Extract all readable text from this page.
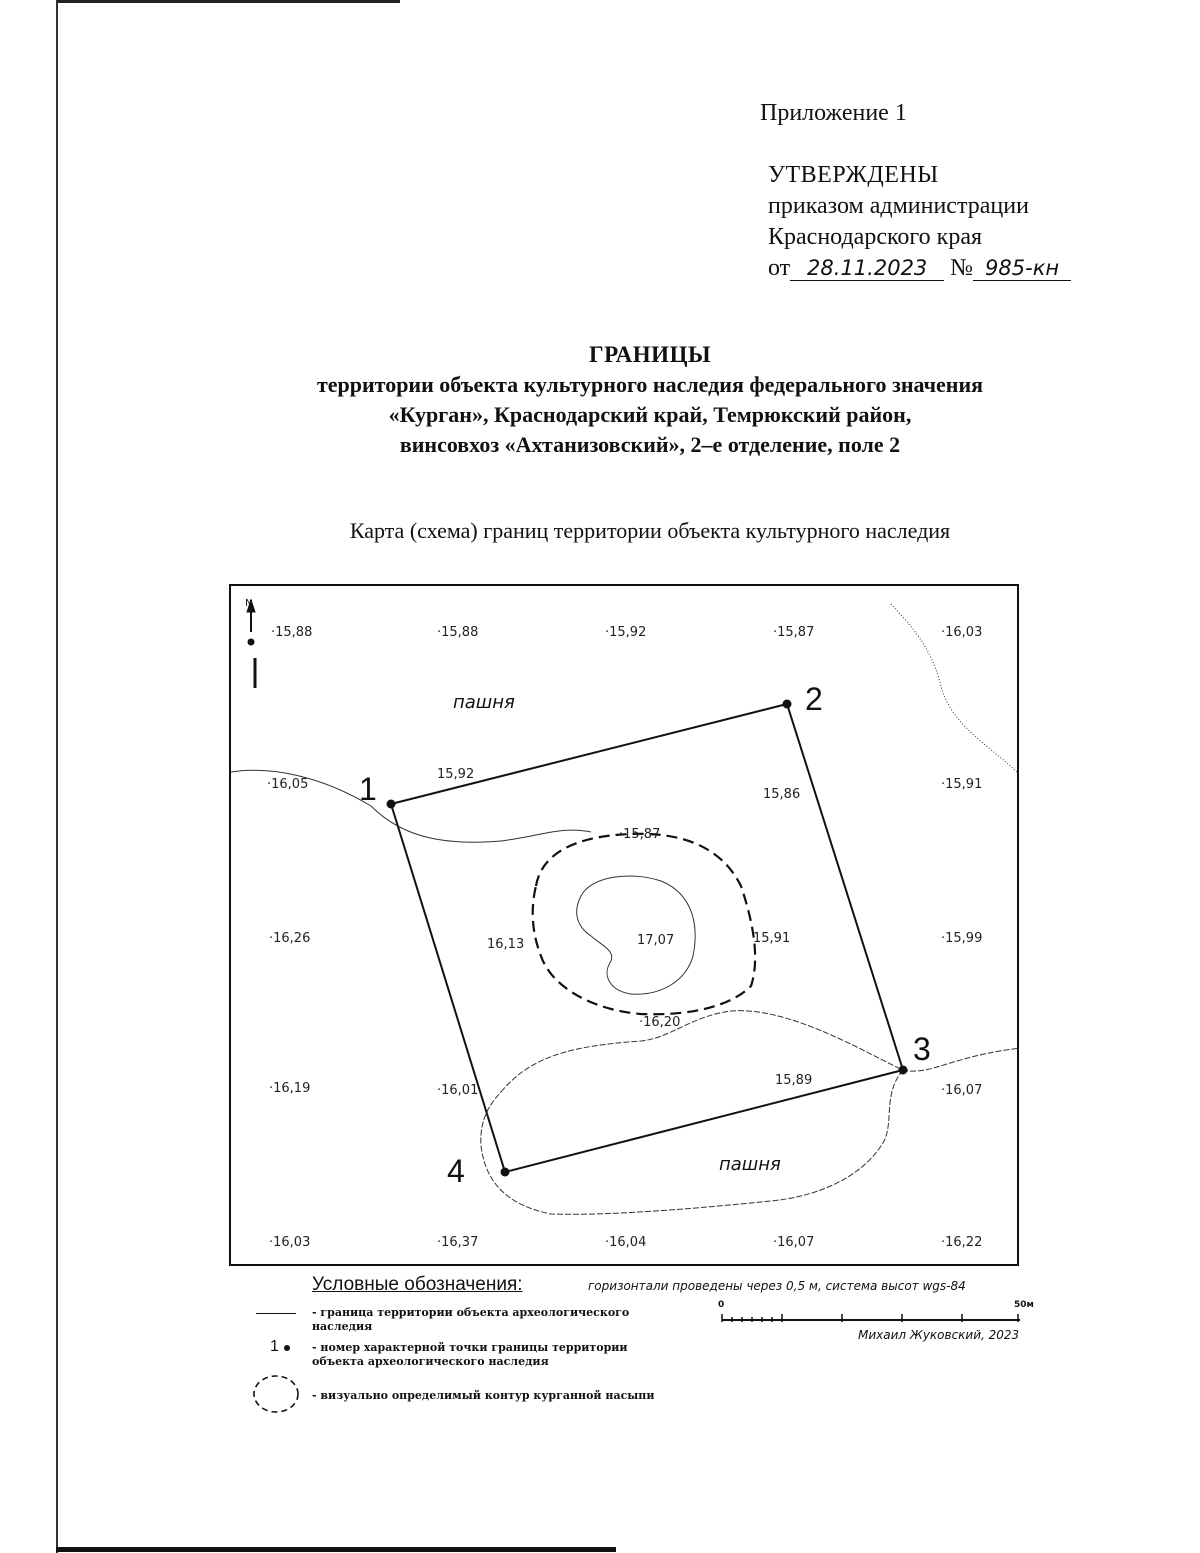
Приложение 1
УТВЕРЖДЕНЫ
приказом администрации
Краснодарского края
от 28.11.2023 № 985-кн
ГРАНИЦЫ
территории объекта культурного наследия федерального значения
«Курган», Краснодарский край, Темрюкский район,
винсовхоз «Ахтанизовский», 2–е отделение, поле 2
Карта (схема) границ территории объекта культурного наследия
N
1
2
3
4
пашня
пашня
·15,88	·15,88	·15,92	·15,87	·16,03
·16,05
15,92
15,86
·15,91
·15,87
16,13	17,07	15,91
·16,26	·15,99
·16,20
·16,19	·16,01
15,89
·16,07
·16,03	·16,37	·16,04	·16,07	·16,22
Условные обозначения:	горизонтали проведены через 0,5 м, система высот wgs-84
0	50м
Михаил Жуковский, 2023
- граница территории объекта археологического
наследия
1	- номер характерной точки границы территории
объекта археологического наследия
- визуально определимый контур курганной насыпи
